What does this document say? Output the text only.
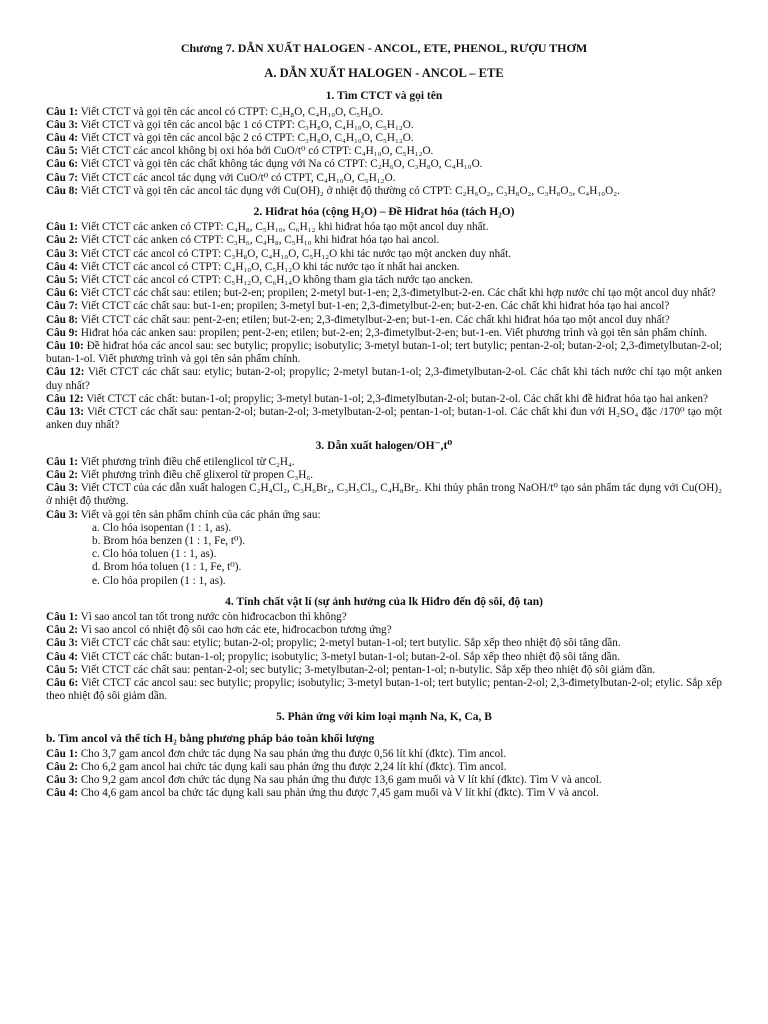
Chương 7. DẪN XUẤT HALOGEN - ANCOL, ETE, PHENOL, RƯỢU THƠM
A. DẪN XUẤT HALOGEN - ANCOL – ETE
1. Tìm CTCT và gọi tên
Câu 1: Viết CTCT và gọi tên các ancol có CTPT: C₃H₈O, C₄H₁₀O, C₅H₈O.
Câu 3: Viết CTCT và gọi tên các ancol bậc 1 có CTPT: C₃H₈O, C₄H₁₀O, C₅H₁₂O.
Câu 4: Viết CTCT và gọi tên các ancol bậc 2 có CTPT: C₃H₈O, C₄H₁₀O, C₅H₁₂O.
Câu 5: Viết CTCT các ancol không bị oxi hóa bởi CuO/t⁰ có CTPT: C₄H₁₀O, C₅H₁₂O.
Câu 6: Viết CTCT và gọi tên các chất không tác dụng với Na có CTPT: C₂H₆O, C₃H₈O, C₄H₁₀O.
Câu 7: Viết CTCT các ancol tác dụng với CuO/t⁰ có CTPT, C₄H₁₀O, C₅H₁₂O.
Câu 8: Viết CTCT và gọi tên các ancol tác dụng với Cu(OH)₂ ở nhiệt độ thường có CTPT: C₂H₆O₂, C₃H₈O₂, C₃H₈O₃, C₄H₁₀O₂.
2. Hiđrat hóa (cộng H₂O) – Đề Hiđrat hóa (tách H₂O)
Câu 1: Viết CTCT các anken có CTPT: C₄H₈, C₅H₁₀, C₆H₁₂ khi hiđrat hóa tạo một ancol duy nhất.
Câu 2: Viết CTCT các anken có CTPT: C₃H₆, C₄H₈, C₅H₁₀ khi hiđrat hóa tạo hai ancol.
Câu 3: Viết CTCT các ancol có CTPT: C₃H₈O, C₄H₁₀O, C₅H₁₂O khi tác nước tạo một ancken duy nhất.
Câu 4: Viết CTCT các ancol có CTPT: C₄H₁₀O, C₅H₁₂O khi tác nước tạo ít nhất hai ancken.
Câu 5: Viết CTCT các ancol có CTPT: C₅H₁₂O, C₆H₁₄O không tham gia tách nước tạo ancken.
Câu 6: Viết CTCT các chất sau: etilen; but-2-en; propilen; 2-metyl but-1-en; 2,3-đimetylbut-2-en. Các chất khi hợp nước chỉ tạo một ancol duy nhất?
Câu 7: Viết CTCT các chất sau: but-1-en; propilen; 3-metyl but-1-en; 2,3-đimetylbut-2-en; but-2-en. Các chất khi hiđrat hóa tạo hai ancol?
Câu 8: Viết CTCT các chất sau: pent-2-en; etilen; but-2-en; 2,3-đimetylbut-2-en; but-1-en. Các chất khi hiđrat hóa tạo một ancol duy nhất?
Câu 9: Hiđrat hóa các anken sau: propilen; pent-2-en; etilen; but-2-en; 2,3-đimetylbut-2-en; but-1-en. Viết phương trình và gọi tên sản phẩm chính.
Câu 10: Đề hiđrat hóa các ancol sau: sec butylic; propylic; isobutylic; 3-metyl butan-1-ol; tert butylic; pentan-2-ol; butan-2-ol; 2,3-đimetylbutan-2-ol; butan-1-ol. Viết phương trình và gọi tên sản phẩm chính.
Câu 12: Viết CTCT các chất sau: etylic; butan-2-ol; propylic; 2-metyl butan-1-ol; 2,3-đimetylbutan-2-ol. Các chất khi tách nước chỉ tạo một anken duy nhất?
Câu 12: Viết CTCT các chất: butan-1-ol; propylic; 3-metyl butan-1-ol; 2,3-đimetylbutan-2-ol; butan-2-ol. Các chất khi đề hiđrat hóa tạo hai anken?
Câu 13: Viết CTCT các chất sau: pentan-2-ol; butan-2-ol; 3-metylbutan-2-ol; pentan-1-ol; butan-1-ol. Các chất khi đun với H₂SO₄ đặc /170⁰ tạo một anken duy nhất?
3. Dẫn xuất halogen/OH⁻,t⁰
Câu 1: Viết phương trình điều chế etilenglicol từ C₂H₄.
Câu 2: Viết phương trình điều chế glixerol từ propen C₃H₆.
Câu 3: Viết CTCT của các dẫn xuất halogen C₂H₄Cl₂, C₃H₆Br₂, C₃H₅Cl₃, C₄H₈Br₂. Khi thủy phân trong NaOH/t⁰ tạo sản phẩm tác dụng với Cu(OH)₂ ở nhiệt độ thường.
Câu 3: Viết và gọi tên sản phẩm chính của các phản ứng sau:
a. Clo hóa isopentan (1 : 1, as).
b. Brom hóa benzen (1 : 1, Fe, t⁰).
c. Clo hóa toluen (1 : 1, as).
d. Brom hóa toluen (1 : 1, Fe, t⁰).
e. Clo hóa propilen (1 : 1, as).
4. Tính chất vật lí (sự ảnh hưởng của lk Hiđro đến độ sôi, độ tan)
Câu 1: Vì sao ancol tan tốt trong nước còn hiđrocacbon thì không?
Câu 2: Vì sao ancol có nhiệt độ sôi cao hơn các ete, hiđrocacbon tương ứng?
Câu 3: Viết CTCT các chất sau: etylic; butan-2-ol; propylic; 2-metyl butan-1-ol; tert butylic. Sắp xếp theo nhiệt độ sôi tăng dần.
Câu 4: Viết CTCT các chất: butan-1-ol; propylic; isobutylic; 3-metyl butan-1-ol; butan-2-ol. Sắp xếp theo nhiệt độ sôi tăng dần.
Câu 5: Viết CTCT các chất sau: pentan-2-ol; sec butylic; 3-metylbutan-2-ol; pentan-1-ol; n-butylic. Sắp xếp theo nhiệt độ sôi giảm dần.
Câu 6: Viết CTCT các ancol sau: sec butylic; propylic; isobutylic; 3-metyl butan-1-ol; tert butylic; pentan-2-ol; 2,3-đimetylbutan-2-ol; etylic. Sắp xếp theo nhiệt độ sôi giảm dần.
5. Phản ứng với kim loại mạnh Na, K, Ca, B
b. Tìm ancol và thể tích H₂ bằng phương pháp bảo toàn khối lượng
Câu 1: Cho 3,7 gam ancol đơn chức tác dụng Na sau phản ứng thu được 0,56 lít khí (đktc). Tìm ancol.
Câu 2: Cho 6,2 gam ancol hai chức tác dụng kali sau phản ứng thu được 2,24 lít khí (đktc). Tìm ancol.
Câu 3: Cho 9,2 gam ancol đơn chức tác dụng Na sau phản ứng thu được 13,6 gam muối và V lít khí (đktc). Tìm V và ancol.
Câu 4: Cho 4,6 gam ancol ba chức tác dụng kali sau phản ứng thu được 7,45 gam muối và V lít khí (đktc). Tìm V và ancol.
